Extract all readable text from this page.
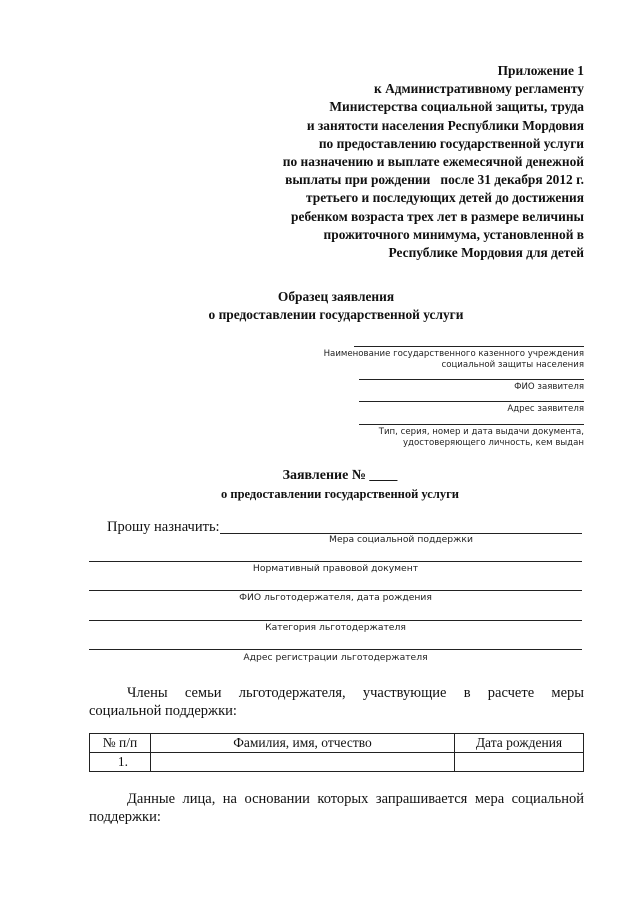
Приложение 1
к Административному регламенту
Министерства социальной защиты, труда
и занятости населения Республики Мордовия
по предоставлению государственной услуги
по назначению и выплате ежемесячной денежной
выплаты при рождении   после 31 декабря 2012 г.
третьего и последующих детей до достижения
ребенком возраста трех лет в размере величины
прожиточного минимума, установленной в
Республике Мордовия для детей
Образец заявления
о предоставлении государственной услуги
Наименование государственного казенного учреждения
социальной защиты населения
ФИО заявителя
Адрес заявителя
Тип, серия, номер и дата выдачи документа,
удостоверяющего личность, кем выдан
Заявление № ____
о предоставлении государственной услуги
Прошу назначить:
Мера социальной поддержки
Нормативный правовой документ
ФИО льготодержателя, дата рождения
Категория льготодержателя
Адрес регистрации льготодержателя
Члены семьи льготодержателя, участвующие в расчете меры
социальной поддержки:
№ п/п	Фамилия, имя, отчество	Дата рождения
1.		
Данные лица, на основании которых запрашивается мера социальной
поддержки:
